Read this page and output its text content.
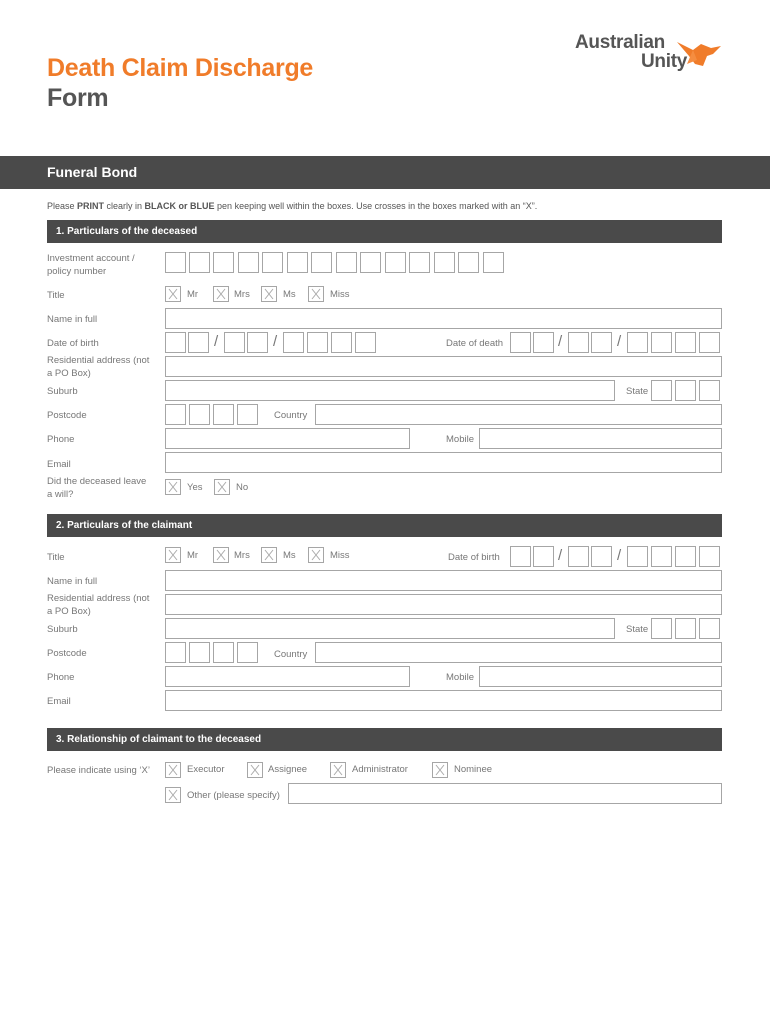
Death Claim Discharge
Form
Australian
Unity
Funeral Bond
Please PRINT clearly in BLACK or BLUE pen keeping well within the boxes. Use crosses in the boxes marked with an “X”.
1. Particulars of the deceased
Investment account / policy number
Title	Mr	Mrs	Ms	Miss
Name in full
Date of birth	/	/	Date of death	/	/
Residential address (not a PO Box)
Suburb	State
Postcode	Country
Phone	Mobile
Email
Did the deceased leave a will?
Yes	No
2. Particulars of the claimant
Title	Mr	Mrs	Ms	Miss	Date of birth	/	/
Name in full
Residential address (not a PO Box)
Suburb	State
Postcode	Country
Phone	Mobile
Email
3. Relationship of claimant to the deceased
Please indicate using ‘X’	Executor	Assignee	Administrator	Nominee
Other (please specify)
